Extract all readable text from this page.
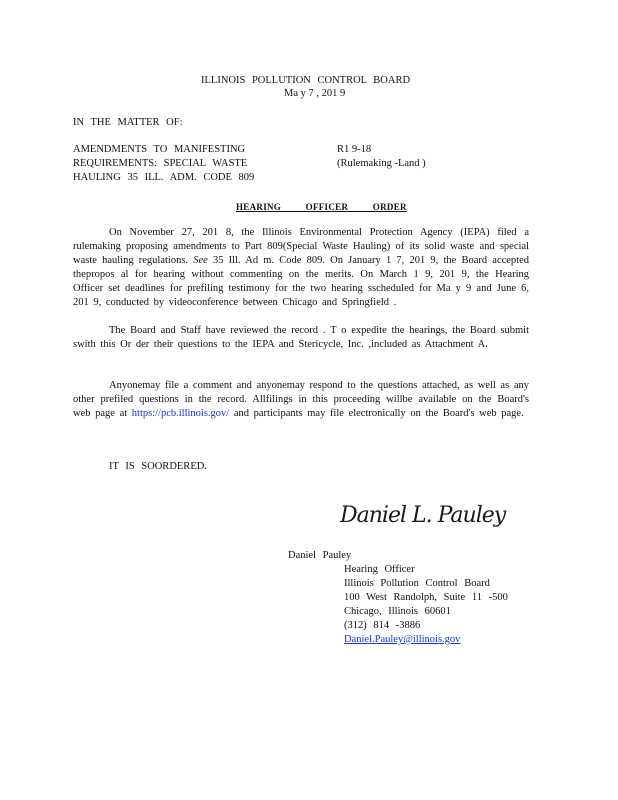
ILLINOIS POLLUTION CONTROL BOARD
Ma y 7 , 201 9
IN THE MATTER OF:
AMENDMENTS TO MANIFESTING
REQUIREMENTS: SPECIAL WASTE
HAULING 35 ILL. ADM. CODE 809
R1 9-18
(Rulemaking -Land )
HEARING OFFICER ORDER

On November 27, 201 8, the Illinois Environmental Protection Agency (IEPA) filed a rulemaking proposing amendments to Part 809(Special Waste Hauling) of its solid waste and special waste hauling regulations. See 35 Ill. Ad m. Code 809. On January 1 7, 201 9, the Board accepted thepropos al for hearing without commenting on the merits. On March 1 9, 201 9, the Hearing Officer set deadlines for prefiling testimony for the two hearing sscheduled for Ma y 9 and June 6, 201 9, conducted by videoconference between Chicago and Springfield .

The Board and Staff have reviewed the record . T o expedite the hearings, the Board submit swith this Or der their questions to the IEPA and Stericycle, Inc. ,included as Attachment A.

Anyonemay file a comment and anyonemay respond to the questions attached, as well as any other prefiled questions in the record. Allfilings in this proceeding willbe available on the Board's web page at https://pcb.illinois.gov/ and participants may file electronically on the Board's web page.

IT IS SOORDERED.
Daniel L. Pauley
Daniel Pauley
Hearing Officer
Illinois Pollution Control Board
100 West Randolph, Suite 11 -500
Chicago, Illinois 60601
(312) 814 -3886
Daniel.Pauley@illinois.gov
